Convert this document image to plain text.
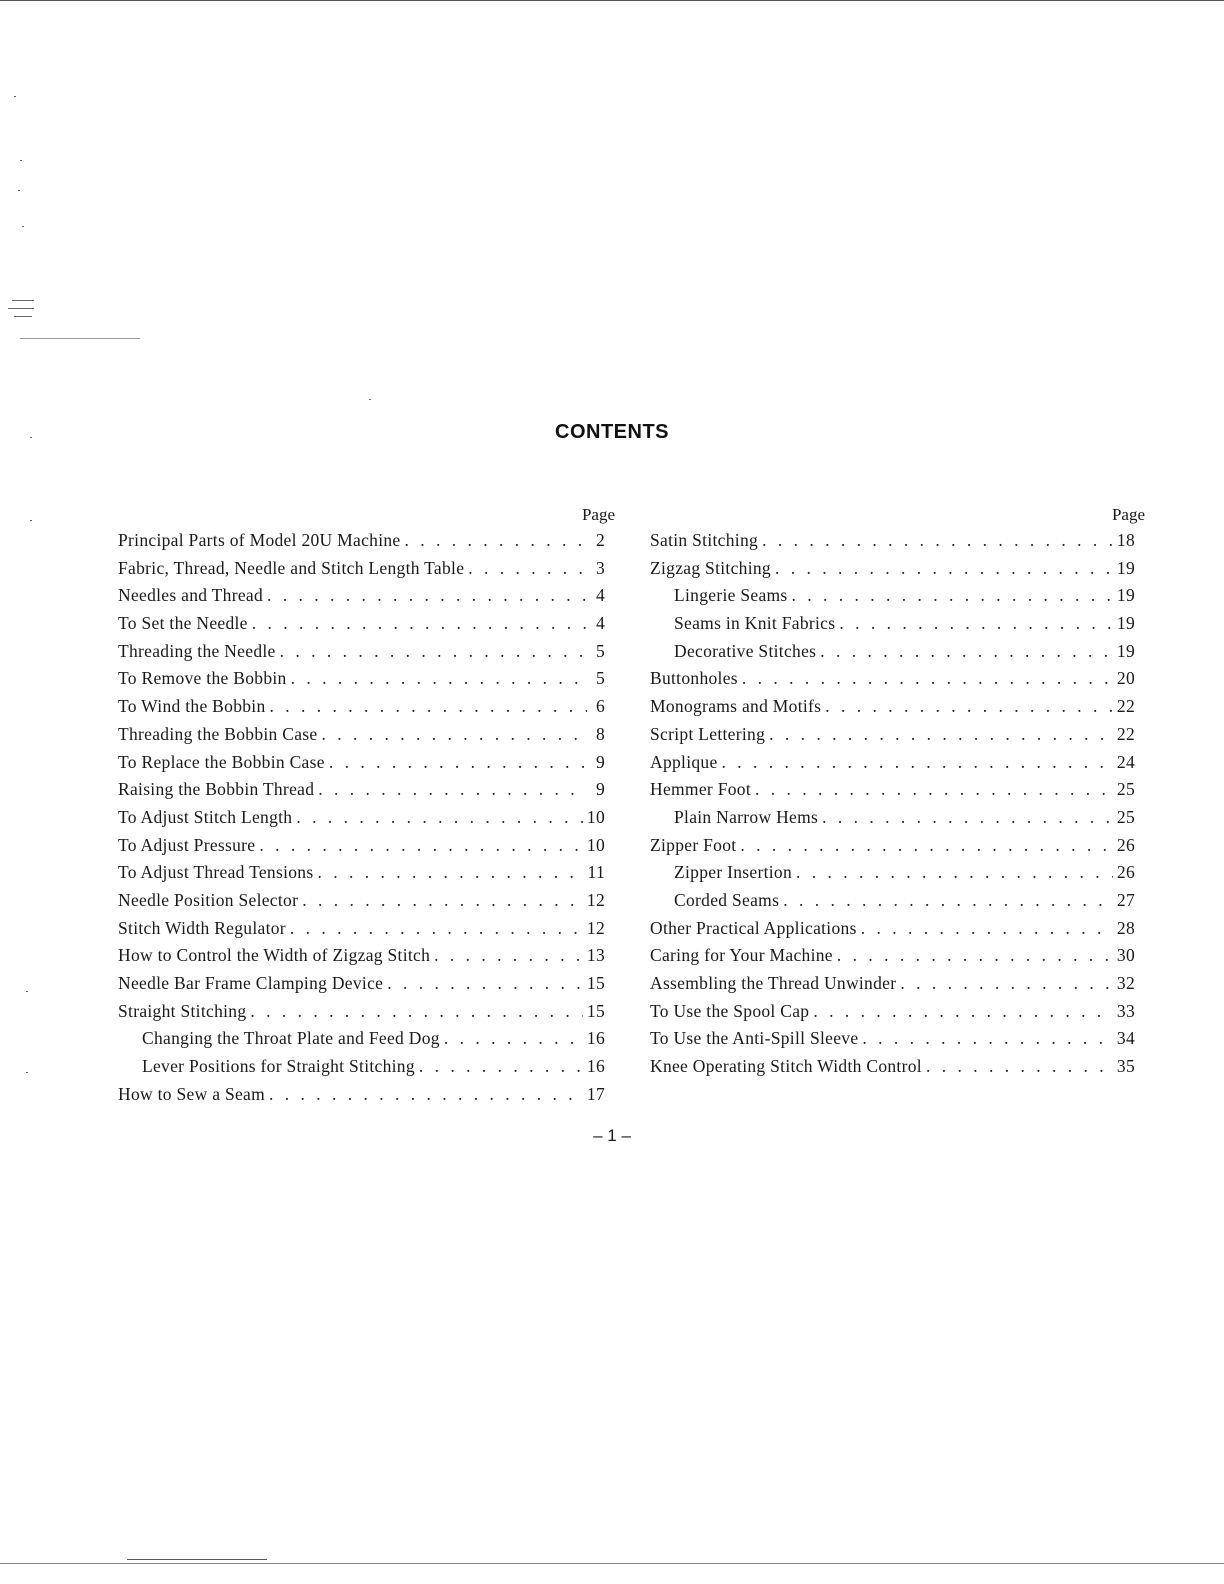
CONTENTS
Page
Principal Parts of Model 20U Machine . . .	2
Fabric, Thread, Needle and Stitch Length Table . . .	3
Needles and Thread . . .	4
To Set the Needle . . .	4
Threading the Needle . . .	5
To Remove the Bobbin . . .	5
To Wind the Bobbin . . .	6
Threading the Bobbin Case . . .	8
To Replace the Bobbin Case . . .	9
Raising the Bobbin Thread . . .	9
To Adjust Stitch Length . . .	10
To Adjust Pressure . . .	10
To Adjust Thread Tensions . . .	11
Needle Position Selector . . .	12
Stitch Width Regulator . . .	12
How to Control the Width of Zigzag Stitch . . .	13
Needle Bar Frame Clamping Device . . .	15
Straight Stitching . . .	15
Changing the Throat Plate and Feed Dog . . .	16
Lever Positions for Straight Stitching . . .	16
How to Sew a Seam . . .	17
Page
Satin Stitching . . .	18
Zigzag Stitching . . .	19
Lingerie Seams . . .	19
Seams in Knit Fabrics . . .	19
Decorative Stitches . . .	19
Buttonholes . . .	20
Monograms and Motifs . . .	22
Script Lettering . . .	22
Applique . . .	24
Hemmer Foot . . .	25
Plain Narrow Hems . . .	25
Zipper Foot . . .	26
Zipper Insertion . . .	26
Corded Seams . . .	27
Other Practical Applications . . .	28
Caring for Your Machine . . .	30
Assembling the Thread Unwinder . . .	32
To Use the Spool Cap . . .	33
To Use the Anti-Spill Sleeve . . .	34
Knee Operating Stitch Width Control . . .	35
– 1 –
